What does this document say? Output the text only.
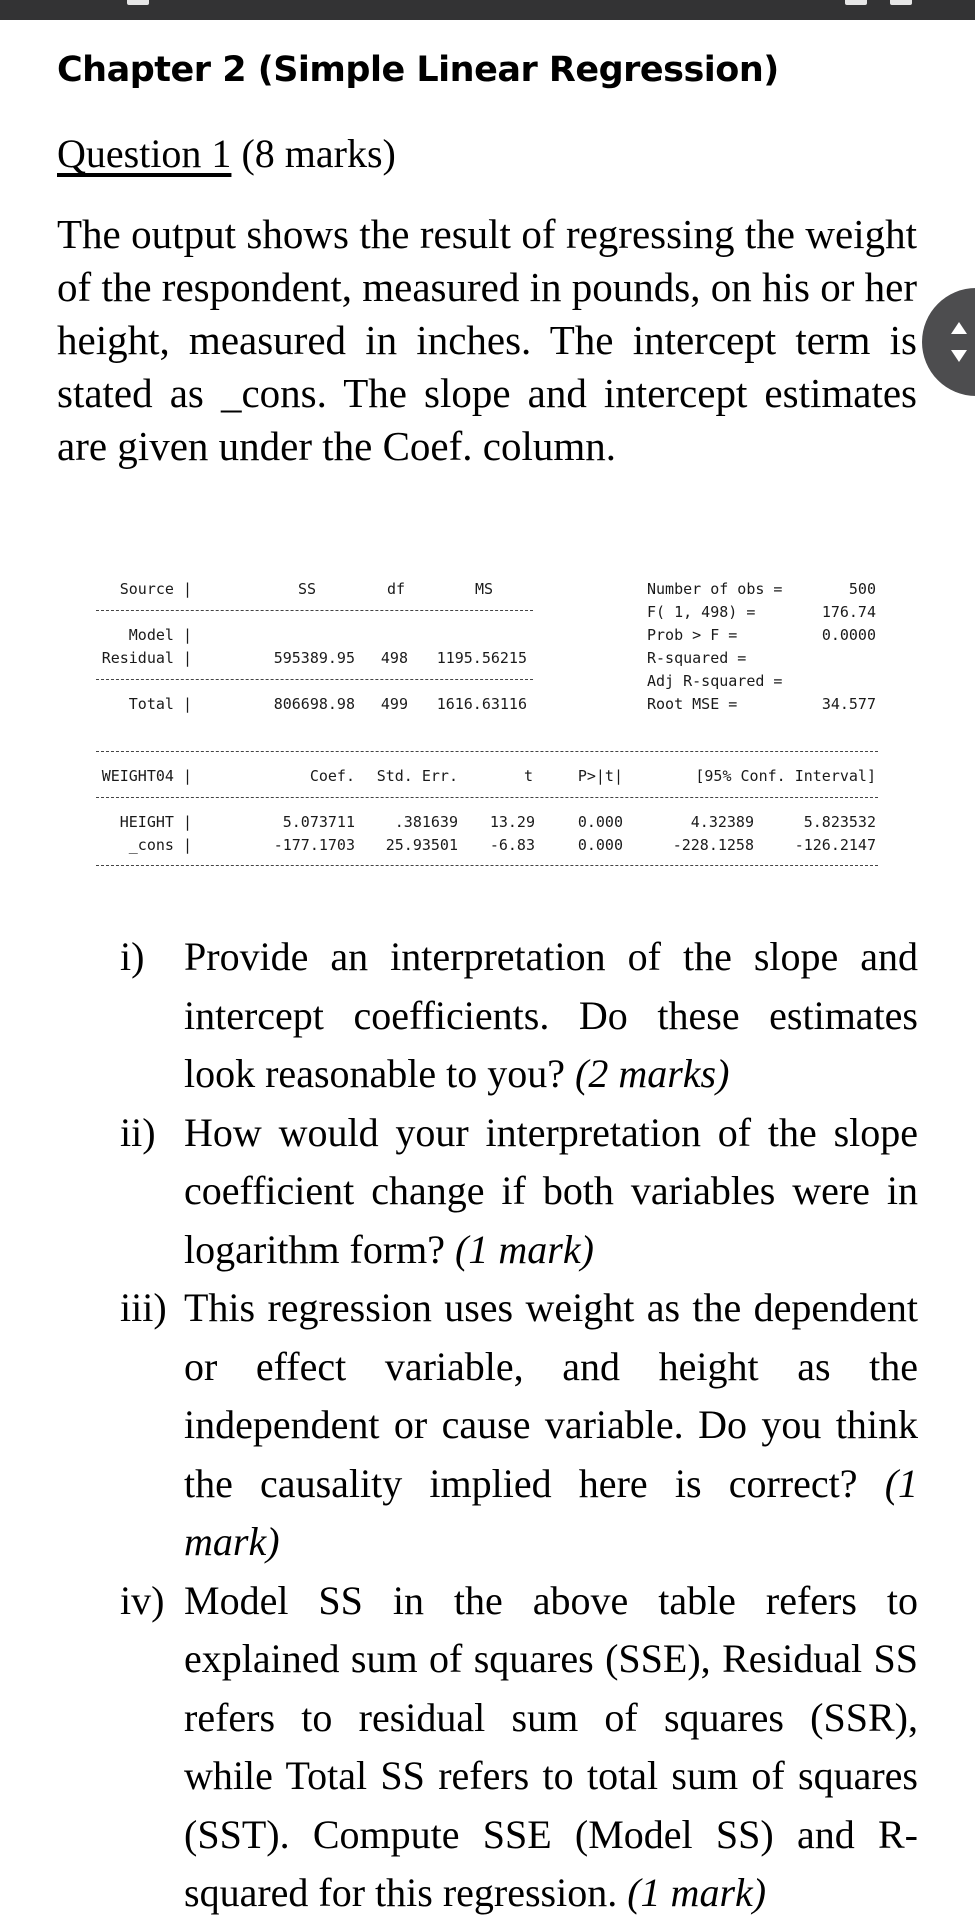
Chapter 2 (Simple Linear Regression)
Question 1 (8 marks)
The output shows the result of regressing the weight of the respondent, measured in pounds, on his or her height, measured in inches. The intercept term is stated as _cons. The slope and intercept estimates are given under the Coef. column.
Source |	SS	df	MS
Model |
Residual |	595389.95 498 1195.56215
Total |	806698.98 499 1616.63116
Number of obs =	500
F( 1, 498) =	176.74
Prob > F =	0.0000
R-squared =
Adj R-squared =
Root MSE =	34.577
WEIGHT04 |	Coef. Std. Err.	t	P>|t|	[95% Conf. Interval]
HEIGHT |	5.073711	.381639 13.29	0.000	4.32389	5.823532
_cons |	-177.1703 25.93501 -6.83	0.000	-228.1258	-126.2147
i) Provide an interpretation of the slope and intercept coefficients. Do these estimates look reasonable to you? (2 marks)
ii) How would your interpretation of the slope coefficient change if both variables were in logarithm form? (1 mark)
iii) This regression uses weight as the dependent or effect variable, and height as the independent or cause variable. Do you think the causality implied here is correct? (1 mark)
iv) Model SS in the above table refers to explained sum of squares (SSE), Residual SS refers to residual sum of squares (SSR), while Total SS refers to total sum of squares (SST). Compute SSE (Model SS) and R-squared for this regression. (1 mark)
